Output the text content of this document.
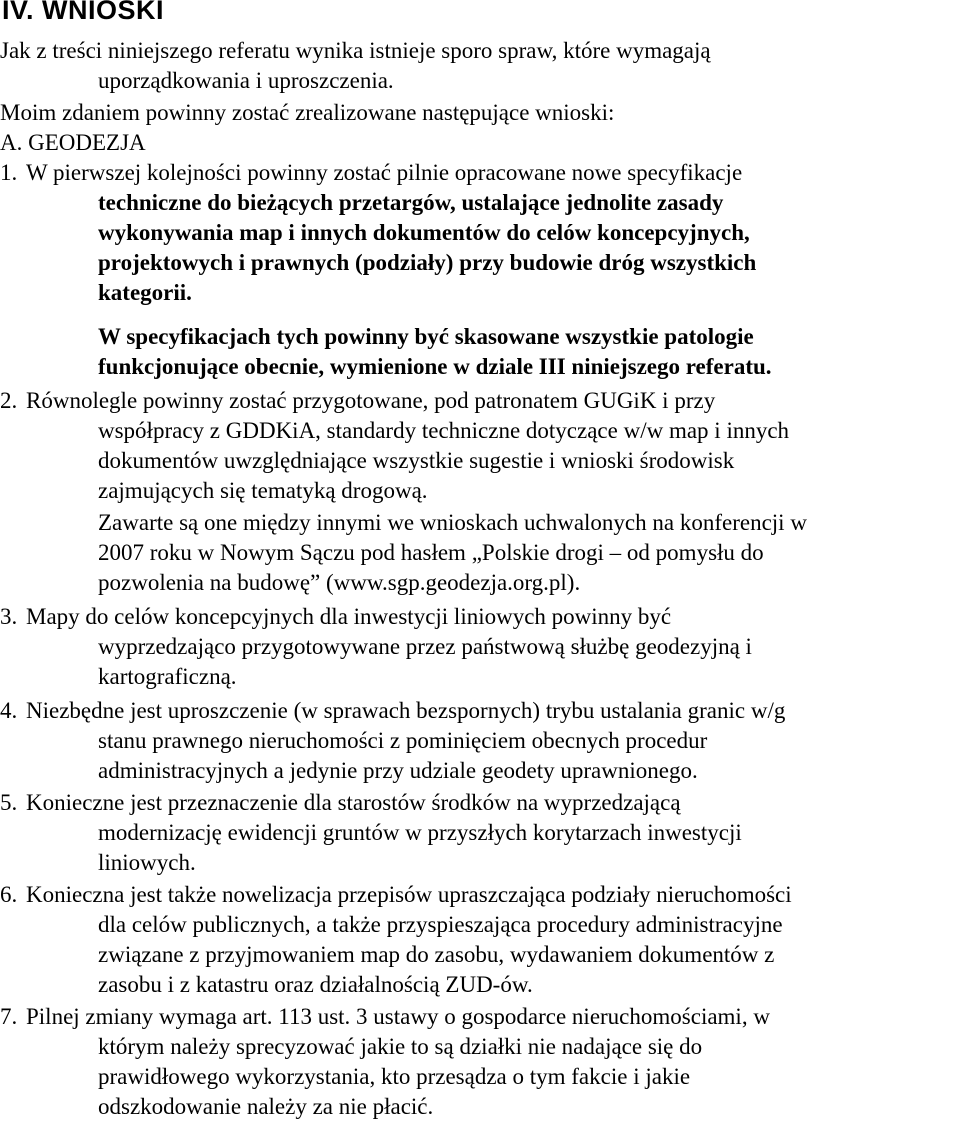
IV. WNIOSKI
Jak z treści niniejszego referatu wynika istnieje sporo spraw, które wymagają
uporządkowania i uproszczenia.
Moim zdaniem powinny zostać zrealizowane następujące wnioski:
A. GEODEZJA
1. W pierwszej kolejności powinny zostać pilnie opracowane nowe specyfikacje
techniczne do bieżących przetargów, ustalające jednolite zasady
wykonywania map i innych dokumentów do celów koncepcyjnych,
projektowych i prawnych (podziały) przy budowie dróg wszystkich
kategorii.
W specyfikacjach tych powinny być skasowane wszystkie patologie
funkcjonujące obecnie, wymienione w dziale III niniejszego referatu.
2. Równolegle powinny zostać przygotowane, pod patronatem GUGiK i przy
współpracy z GDDKiA, standardy techniczne dotyczące w/w map i innych
dokumentów uwzględniające wszystkie sugestie i wnioski środowisk
zajmujących się tematyką drogową.
Zawarte są one między innymi we wnioskach uchwalonych na konferencji w
2007 roku w Nowym Sączu pod hasłem „Polskie drogi – od pomysłu do
pozwolenia na budowę” (www.sgp.geodezja.org.pl).
3. Mapy do celów koncepcyjnych dla inwestycji liniowych powinny być
wyprzedzająco przygotowywane przez państwową służbę geodezyjną i
kartograficzną.
4. Niezbędne jest uproszczenie (w sprawach bezspornych) trybu ustalania granic w/g
stanu prawnego nieruchomości z pominięciem obecnych procedur
administracyjnych a jedynie przy udziale geodety uprawnionego.
5. Konieczne jest przeznaczenie dla starostów środków na wyprzedzającą
modernizację ewidencji gruntów w przyszłych korytarzach inwestycji
liniowych.
6. Konieczna jest także nowelizacja przepisów upraszczająca podziały nieruchomości
dla celów publicznych, a także przyspieszająca procedury administracyjne
związane z przyjmowaniem map do zasobu, wydawaniem dokumentów z
zasobu i z katastru oraz działalnością ZUD-ów.
7. Pilnej zmiany wymaga art. 113 ust. 3 ustawy o gospodarce nieruchomościami, w
którym należy sprecyzować jakie to są działki nie nadające się do
prawidłowego wykorzystania, kto przesądza o tym fakcie i jakie
odszkodowanie należy za nie płacić.
